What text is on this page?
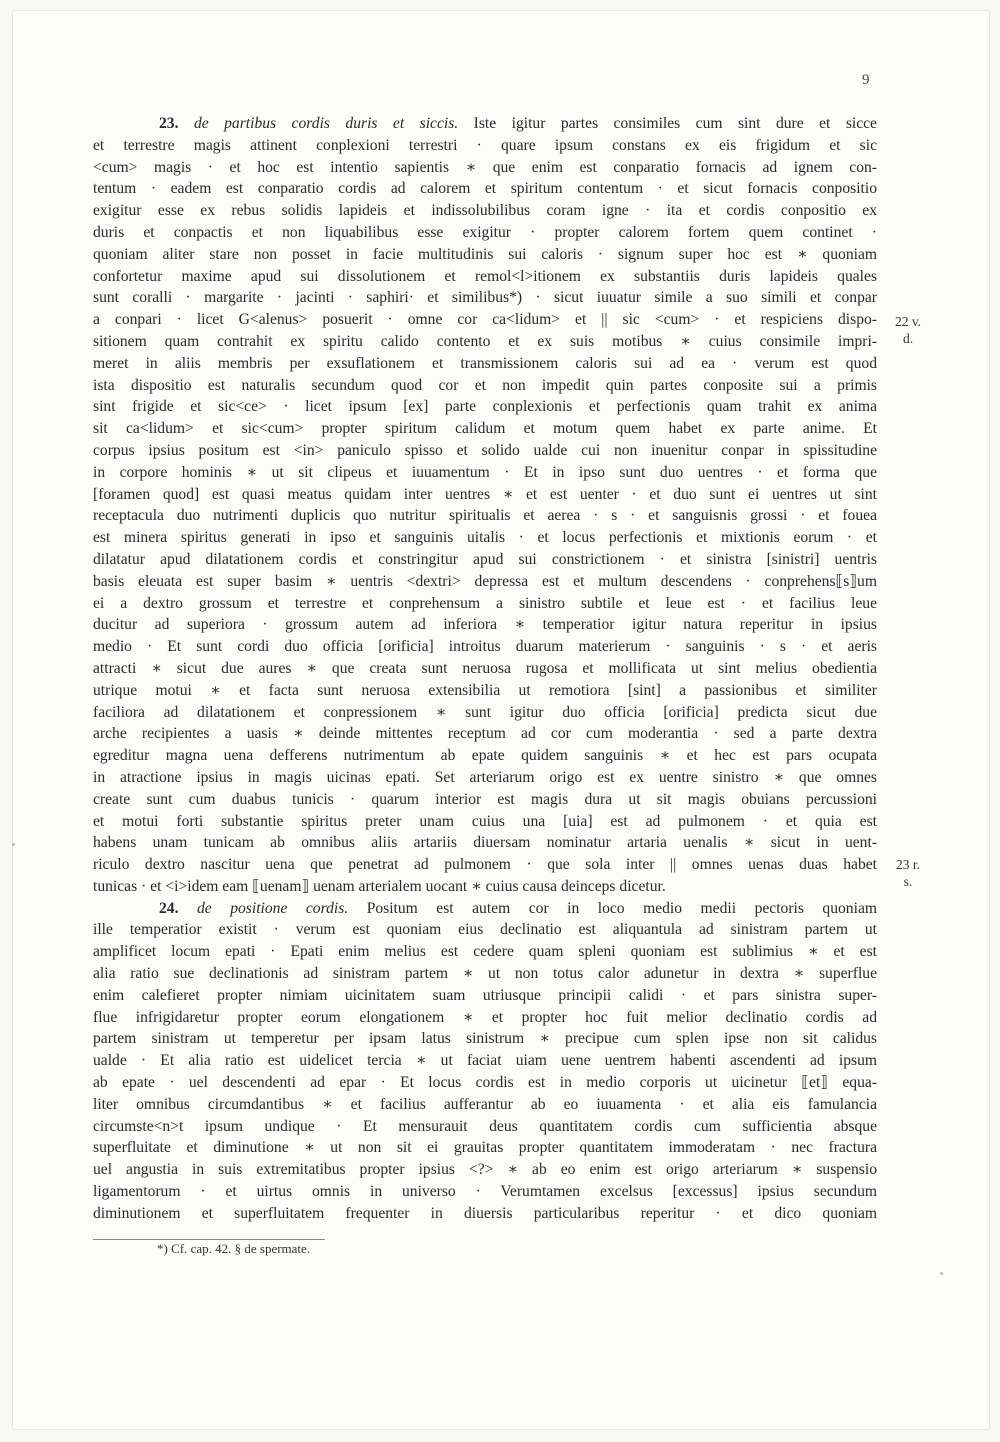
9
22 v.
d.
23 r.
s.
23. de partibus cordis duris et siccis. Iste igitur partes consimiles cum sint dure et sicce
et terrestre magis attinent conplexioni terrestri · quare ipsum constans ex eis frigidum et sic
<cum> magis · et hoc est intentio sapientis ∗ que enim est conparatio fornacis ad ignem con-
tentum · eadem est conparatio cordis ad calorem et spiritum contentum · et sicut fornacis conpositio
exigitur esse ex rebus solidis lapideis et indissolubilibus coram igne · ita et cordis conpositio ex
duris et conpactis et non liquabilibus esse exigitur · propter calorem fortem quem continet ·
quoniam aliter stare non posset in facie multitudinis sui caloris · signum super hoc est ∗ quoniam
confortetur maxime apud sui dissolutionem et remol<l>itionem ex substantiis duris lapideis quales
sunt coralli · margarite · jacinti · saphiri· et similibus*) · sicut iuuatur simile a suo simili et conpar
a conpari · licet G<alenus> posuerit · omne cor ca<lidum> et || sic <cum> · et respiciens dispo-
sitionem quam contrahit ex spiritu calido contento et ex suis motibus ∗ cuius consimile impri-
meret in aliis membris per exsuflationem et transmissionem caloris sui ad ea · verum est quod
ista dispositio est naturalis secundum quod cor et non impedit quin partes conposite sui a primis
sint frigide et sic<ce> · licet ipsum [ex] parte conplexionis et perfectionis quam trahit ex anima
sit ca<lidum> et sic<cum> propter spiritum calidum et motum quem habet ex parte anime. Et
corpus ipsius positum est <in> paniculo spisso et solido ualde cui non inuenitur conpar in spissitudine
in corpore hominis ∗ ut sit clipeus et iuuamentum · Et in ipso sunt duo uentres · et forma que
[foramen quod] est quasi meatus quidam inter uentres ∗ et est uenter · et duo sunt ei uentres ut sint
receptacula duo nutrimenti duplicis quo nutritur spiritualis et aerea · s · et sanguisnis grossi · et fouea
est minera spiritus generati in ipso et sanguinis uitalis · et locus perfectionis et mixtionis eorum · et
dilatatur apud dilatationem cordis et constringitur apud sui constrictionem · et sinistra [sinistri] uentris
basis eleuata est super basim ∗ uentris <dextri> depressa est et multum descendens · conprehens⟦s⟧um
ei a dextro grossum et terrestre et conprehensum a sinistro subtile et leue est · et facilius leue
ducitur ad superiora · grossum autem ad inferiora ∗ temperatior igitur natura reperitur in ipsius
medio · Et sunt cordi duo officia [orificia] introitus duarum materierum · sanguinis · s · et aeris
attracti ∗ sicut due aures ∗ que creata sunt neruosa rugosa et mollificata ut sint melius obedientia
utrique motui ∗ et facta sunt neruosa extensibilia ut remotiora [sint] a passionibus et similiter
faciliora ad dilatationem et conpressionem ∗ sunt igitur duo officia [orificia] predicta sicut due
arche recipientes a uasis ∗ deinde mittentes receptum ad cor cum moderantia · sed a parte dextra
egreditur magna uena defferens nutrimentum ab epate quidem sanguinis ∗ et hec est pars ocupata
in atractione ipsius in magis uicinas epati. Set arteriarum origo est ex uentre sinistro ∗ que omnes
create sunt cum duabus tunicis · quarum interior est magis dura ut sit magis obuians percussioni
et motui forti substantie spiritus preter unam cuius una [uia] est ad pulmonem · et quia est
habens unam tunicam ab omnibus aliis artariis diuersam nominatur artaria uenalis ∗ sicut in uent-
riculo dextro nascitur uena que penetrat ad pulmonem · que sola inter || omnes uenas duas habet
tunicas · et <i>idem eam ⟦uenam⟧ uenam arterialem uocant ∗ cuius causa deinceps dicetur.
24. de positione cordis. Positum est autem cor in loco medio medii pectoris quoniam
ille temperatior existit · verum est quoniam eius declinatio est aliquantula ad sinistram partem ut
amplificet locum epati · Epati enim melius est cedere quam spleni quoniam est sublimius ∗ et est
alia ratio sue declinationis ad sinistram partem ∗ ut non totus calor adunetur in dextra ∗ superflue
enim calefieret propter nimiam uicinitatem suam utriusque principii calidi · et pars sinistra super-
flue infrigidaretur propter eorum elongationem ∗ et propter hoc fuit melior declinatio cordis ad
partem sinistram ut temperetur per ipsam latus sinistrum ∗ precipue cum splen ipse non sit calidus
ualde · Et alia ratio est uidelicet tercia ∗ ut faciat uiam uene uentrem habenti ascendenti ad ipsum
ab epate · uel descendenti ad epar · Et locus cordis est in medio corporis ut uicinetur ⟦et⟧ equa-
liter omnibus circumdantibus ∗ et facilius aufferantur ab eo iuuamenta · et alia eis famulancia
circumste<n>t ipsum undique · Et mensurauit deus quantitatem cordis cum sufficientia absque
superfluitate et diminutione ∗ ut non sit ei grauitas propter quantitatem immoderatam · nec fractura
uel angustia in suis extremitatibus propter ipsius <?> ∗ ab eo enim est origo arteriarum ∗ suspensio
ligamentorum · et uirtus omnis in universo · Verumtamen excelsus [excessus] ipsius secundum
diminutionem et superfluitatem frequenter in diuersis particularibus reperitur · et dico quoniam
*) Cf. cap. 42. § de spermate.
